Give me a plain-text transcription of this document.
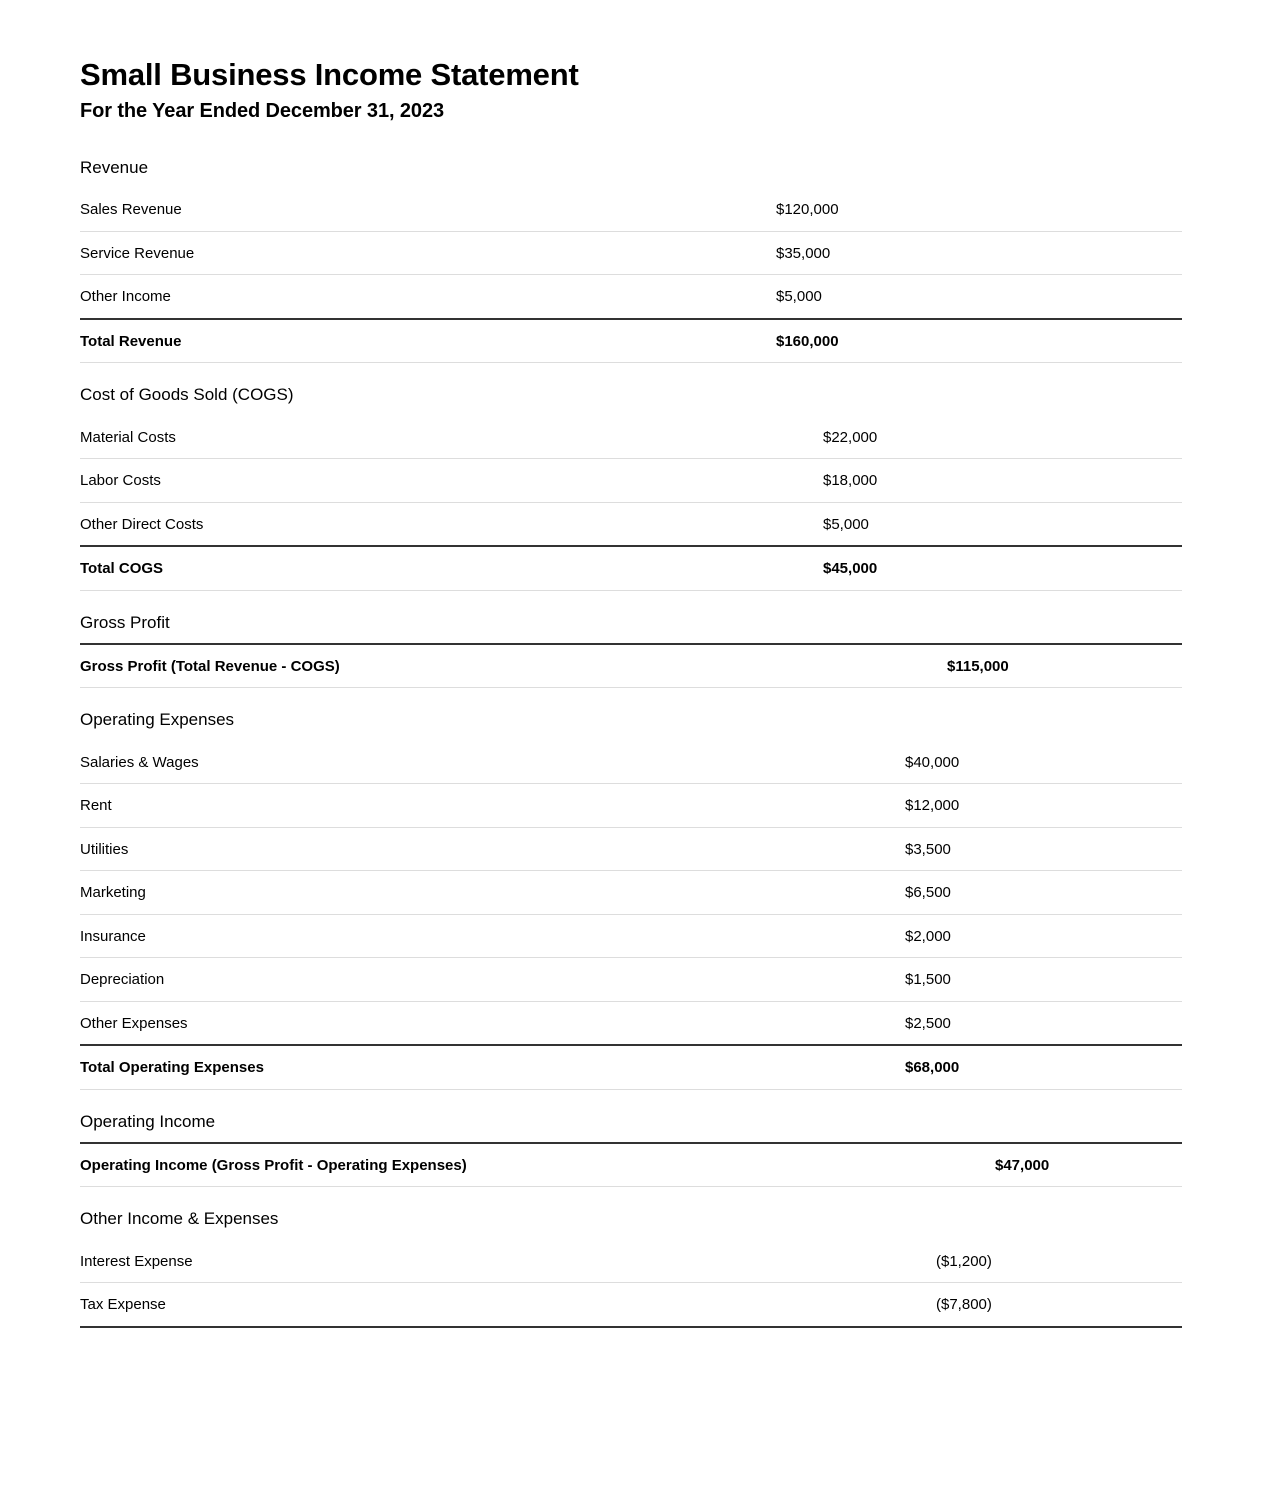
Small Business Income Statement
For the Year Ended December 31, 2023
Revenue
Sales Revenue	$120,000
Service Revenue	$35,000
Other Income	$5,000
Total Revenue	$160,000
Cost of Goods Sold (COGS)
Material Costs	$22,000
Labor Costs	$18,000
Other Direct Costs	$5,000
Total COGS	$45,000
Gross Profit
Gross Profit (Total Revenue - COGS)	$115,000
Operating Expenses
Salaries & Wages	$40,000
Rent	$12,000
Utilities	$3,500
Marketing	$6,500
Insurance	$2,000
Depreciation	$1,500
Other Expenses	$2,500
Total Operating Expenses	$68,000
Operating Income
Operating Income (Gross Profit - Operating Expenses)	$47,000
Other Income & Expenses
Interest Expense	($1,200)
Tax Expense	($7,800)
